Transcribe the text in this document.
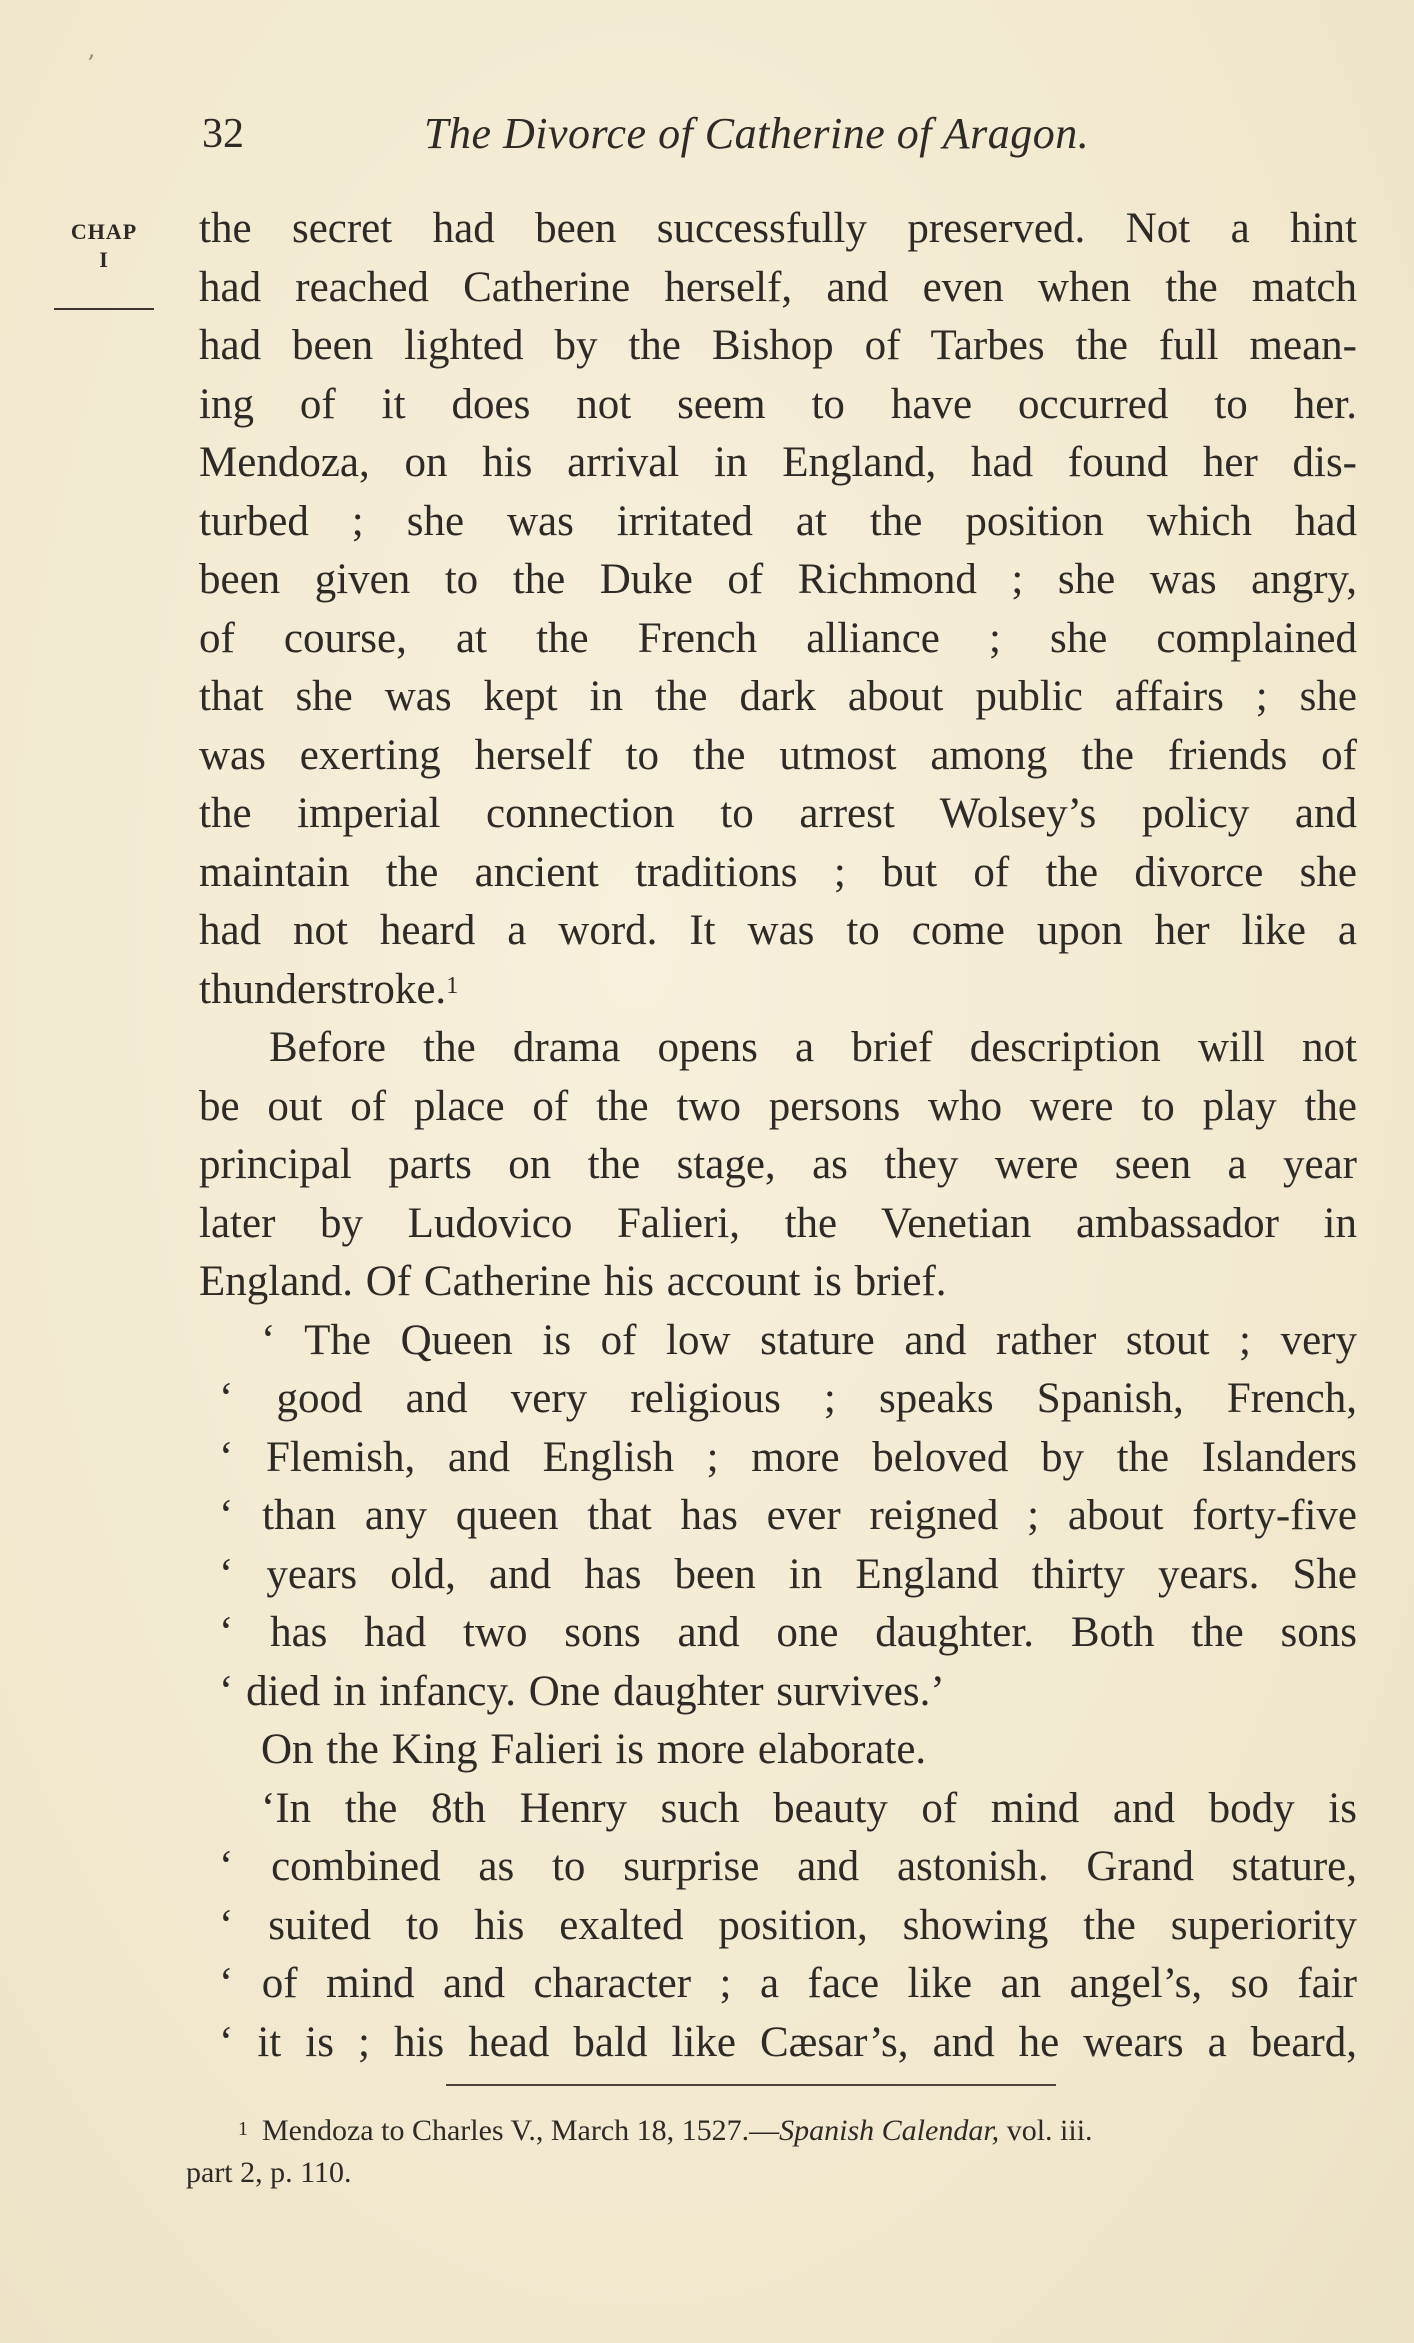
,
32	The Divorce of Catherine of Aragon.
CHAP
I
the secret had been successfully preserved. Not a hint
had reached Catherine herself, and even when the match
had been lighted by the Bishop of Tarbes the full mean-
ing of it does not seem to have occurred to her.
Mendoza, on his arrival in England, had found her dis-
turbed ; she was irritated at the position which had
been given to the Duke of Richmond ; she was angry,
of course, at the French alliance ; she complained
that she was kept in the dark about public affairs ; she
was exerting herself to the utmost among the friends of
the imperial connection to arrest Wolsey’s policy and
maintain the ancient traditions ; but of the divorce she
had not heard a word. It was to come upon her like a
thunderstroke.$^1$
Before the drama opens a brief description will not
be out of place of the two persons who were to play the
principal parts on the stage, as they were seen a year
later by Ludovico Falieri, the Venetian ambassador in
England. Of Catherine his account is brief.
‘ The Queen is of low stature and rather stout ; very
‘ good and very religious ; speaks Spanish, French,
‘ Flemish, and English ; more beloved by the Islanders
‘ than any queen that has ever reigned ; about forty-five
‘ years old, and has been in England thirty years. She
‘ has had two sons and one daughter. Both the sons
‘ died in infancy. One daughter survives.’
On the King Falieri is more elaborate.
‘In the 8th Henry such beauty of mind and body is
‘ combined as to surprise and astonish. Grand stature,
‘ suited to his exalted position, showing the superiority
‘ of mind and character ; a face like an angel’s, so fair
‘ it is ; his head bald like Cæsar’s, and he wears a beard,
$^1$ Mendoza to Charles V., March 18, 1527.—Spanish Calendar, vol. iii.
part 2, p. 110.
